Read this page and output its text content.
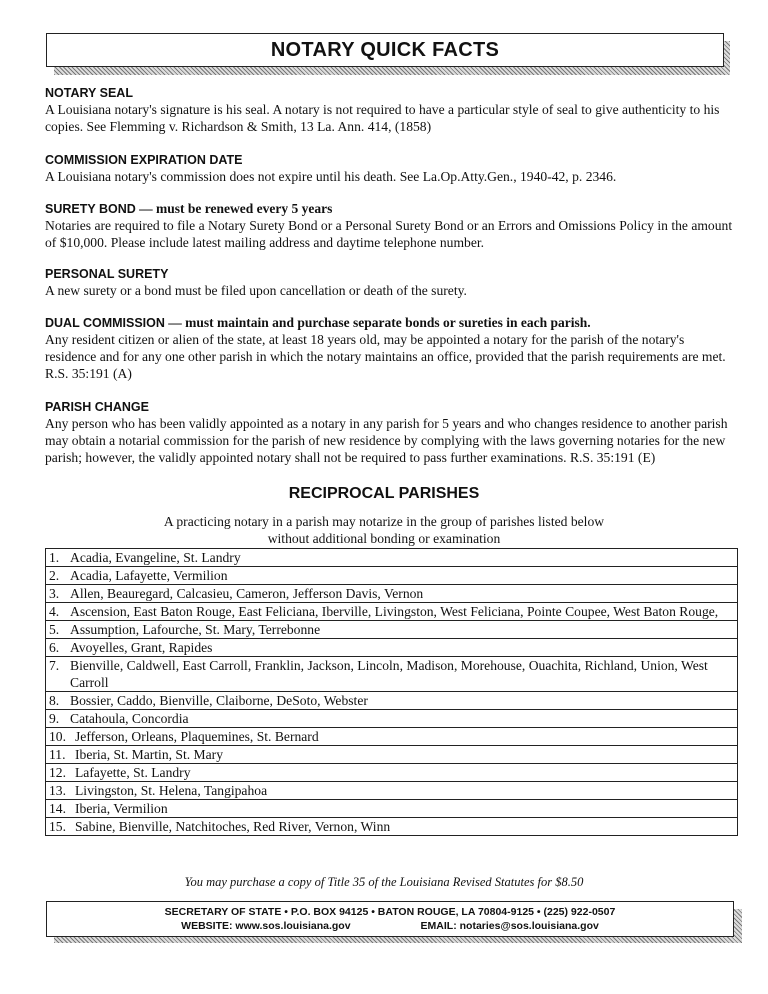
NOTARY QUICK FACTS

NOTARY SEAL

A Louisiana notary's signature is his seal. A notary is not required to have a particular style of seal to give authenticity to his copies. See Flemming v. Richardson & Smith, 13 La. Ann. 414, (1858)

COMMISSION EXPIRATION DATE

A Louisiana notary's commission does not expire until his death. See La.Op.Atty.Gen., 1940-42, p. 2346.

SURETY BOND — must be renewed every 5 years

Notaries are required to file a Notary Surety Bond or a Personal Surety Bond or an Errors and Omissions Policy in the amount of $10,000. Please include latest mailing address and daytime telephone number.

PERSONAL SURETY

A new surety or a bond must be filed upon cancellation or death of the surety.

DUAL COMMISSION — must maintain and purchase separate bonds or sureties in each parish.

Any resident citizen or alien of the state, at least 18 years old, may be appointed a notary for the parish of the notary's residence and for any one other parish in which the notary maintains an office, provided that the parish requirements are met. R.S. 35:191 (A)

PARISH CHANGE

Any person who has been validly appointed as a notary in any parish for 5 years and who changes residence to another parish may obtain a notarial commission for the parish of new residence by complying with the laws governing notaries for the new parish; however, the validly appointed notary shall not be required to pass further examinations. R.S. 35:191 (E)

RECIPROCAL PARISHES
A practicing notary in a parish may notarize in the group of parishes listed below
without additional bonding or examination
1. Acadia, Evangeline, St. Landry

2. Acadia, Lafayette, Vermilion

3. Allen, Beauregard, Calcasieu, Cameron, Jefferson Davis, Vernon

4. Ascension, East Baton Rouge, East Feliciana, Iberville, Livingston, West Feliciana, Pointe Coupee, West Baton Rouge,

5. Assumption, Lafourche, St. Mary, Terrebonne

6. Avoyelles, Grant, Rapides

7. Bienville, Caldwell, East Carroll, Franklin, Jackson, Lincoln, Madison, Morehouse, Ouachita, Richland, Union, West Carroll

8. Bossier, Caddo, Bienville, Claiborne, DeSoto, Webster

9. Catahoula, Concordia

10. Jefferson, Orleans, Plaquemines, St. Bernard

11. Iberia, St. Martin, St. Mary

12. Lafayette, St. Landry

13. Livingston, St. Helena, Tangipahoa

14. Iberia, Vermilion

15. Sabine, Bienville, Natchitoches, Red River, Vernon, Winn
You may purchase a copy of Title 35 of the Louisiana Revised Statutes for $8.50
SECRETARY OF STATE • P.O. BOX 94125 • BATON ROUGE, LA 70804-9125 • (225) 922-0507
WEBSITE: www.sos.louisiana.gov	EMAIL: notaries@sos.louisiana.gov
